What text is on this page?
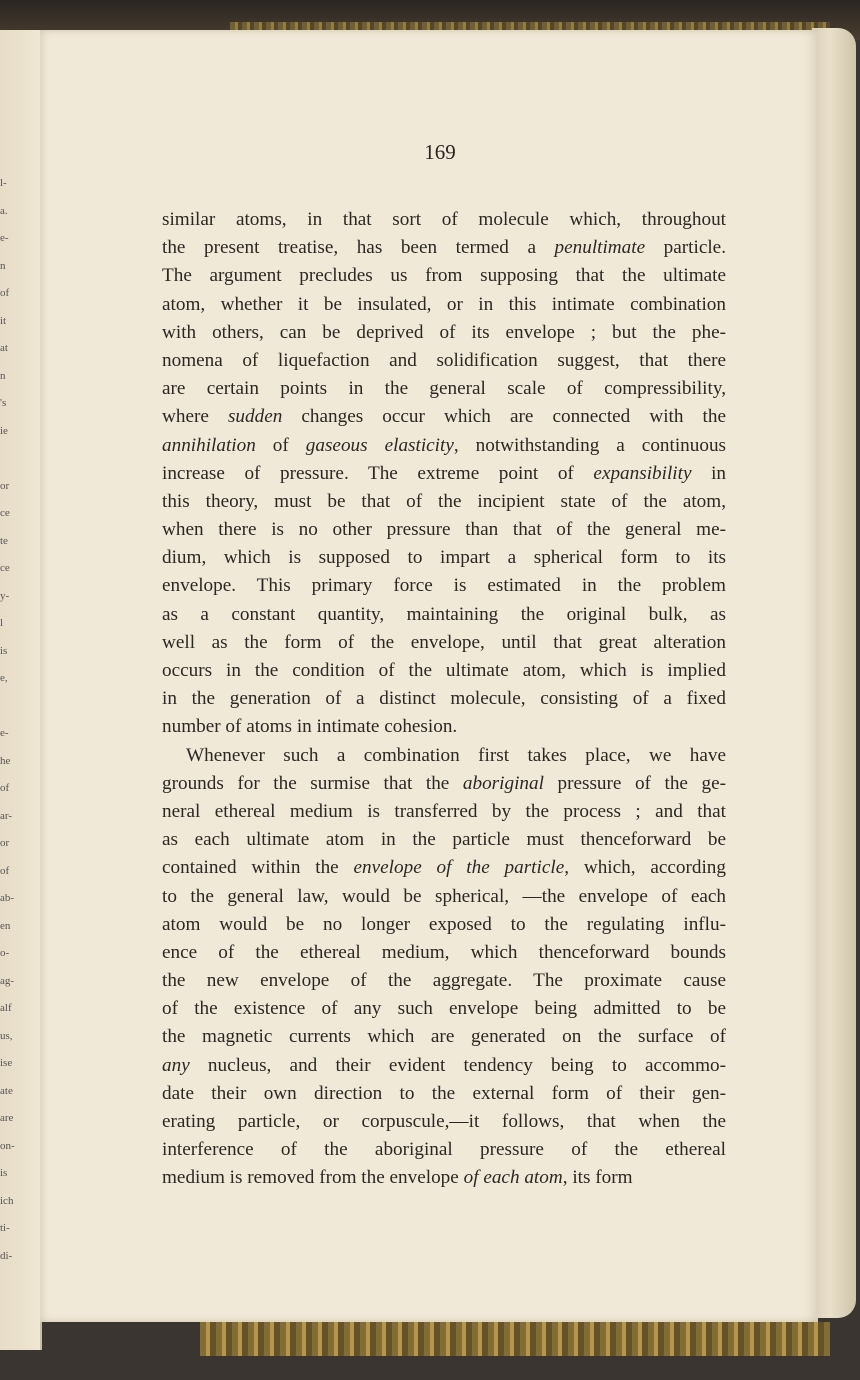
l-
a.
e-
n
of
it
at
n
's
ie
or
ce
te
ce
y-
l
is
e,
e-
he
of
ar-
or
of
ab-
en
o-
ag-
alf
us,
ise
ate
are
on-
is
ich
ti-
di-
169
similar atoms, in that sort of molecule which, throughout
the present treatise, has been termed a penultimate particle.
The argument precludes us from supposing that the ultimate
atom, whether it be insulated, or in this intimate combination
with others, can be deprived of its envelope ; but the phe-
nomena of liquefaction and solidification suggest, that there
are certain points in the general scale of compressibility,
where sudden changes occur which are connected with the
annihilation of gaseous elasticity, notwithstanding a continuous
increase of pressure. The extreme point of expansibility in
this theory, must be that of the incipient state of the atom,
when there is no other pressure than that of the general me-
dium, which is supposed to impart a spherical form to its
envelope. This primary force is estimated in the problem
as a constant quantity, maintaining the original bulk, as
well as the form of the envelope, until that great alteration
occurs in the condition of the ultimate atom, which is implied
in the generation of a distinct molecule, consisting of a fixed
number of atoms in intimate cohesion.
Whenever such a combination first takes place, we have
grounds for the surmise that the aboriginal pressure of the ge-
neral ethereal medium is transferred by the process ; and that
as each ultimate atom in the particle must thenceforward be
contained within the envelope of the particle, which, according
to the general law, would be spherical, —the envelope of each
atom would be no longer exposed to the regulating influ-
ence of the ethereal medium, which thenceforward bounds
the new envelope of the aggregate. The proximate cause
of the existence of any such envelope being admitted to be
the magnetic currents which are generated on the surface of
any nucleus, and their evident tendency being to accommo-
date their own direction to the external form of their gen-
erating particle, or corpuscule,—it follows, that when the
interference of the aboriginal pressure of the ethereal
medium is removed from the envelope of each atom, its form
